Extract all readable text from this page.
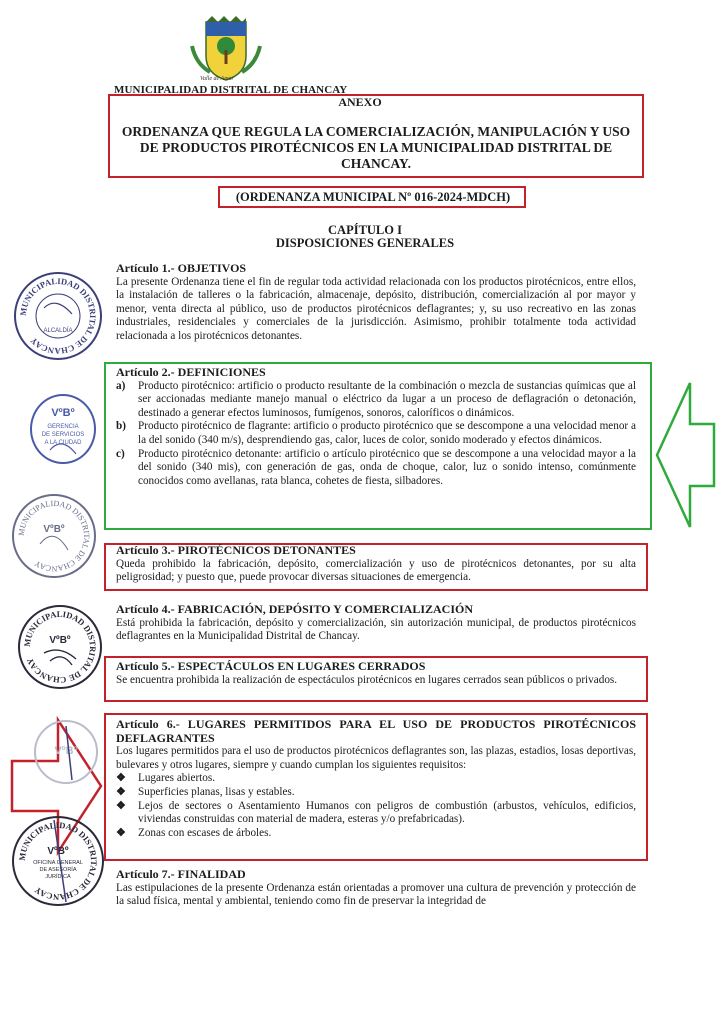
Valle de Amor
MUNICIPALIDAD DISTRITAL DE CHANCAY
ANEXO
ORDENANZA QUE REGULA LA COMERCIALIZACIÓN, MANIPULACIÓN Y USO
DE PRODUCTOS PIROTÉCNICOS EN LA MUNICIPALIDAD DISTRITAL DE
CHANCAY.
(ORDENANZA MUNICIPAL Nº 016-2024-MDCH)
CAPÍTULO I
DISPOSICIONES GENERALES
Artículo 1.- OBJETIVOS

La presente Ordenanza tiene el fin de regular toda actividad relacionada con los productos pirotécnicos, entre ellos, la instalación de talleres o la fabricación, almacenaje, depósito, distribución, comercialización al por mayor y menor, venta directa al público, uso de productos pirotécnicos deflagrantes; y, su uso recreativo en las zonas industriales, residenciales y comerciales de la jurisdicción. Asimismo, prohibir totalmente toda actividad relacionada a los pirotécnicos detonantes.

Artículo 2.- DEFINICIONES
a)	Producto pirotécnico: artificio o producto resultante de la combinación o mezcla de sustancias químicas que al ser accionadas mediante manejo manual o eléctrico da lugar a un proceso de deflagración o detonación, destinado a generar efectos luminosos, fumígenos, sonoros, caloríficos o dinámicos.
b)	Producto pirotécnico de flagrante: artificio o producto pirotécnico que se descompone a una velocidad menor a la del sonido (340 m/s), desprendiendo gas, calor, luces de color, sonido moderado y efectos dinámicos.
c)	Producto pirotécnico detonante: artificio o artículo pirotécnico que se descompone a una velocidad mayor a la del sonido (340 mis), con generación de gas, onda de choque, calor, luz o sonido intenso, comúnmente conocidos como avellanas, rata blanca, cohetes de fiesta, silbadores.
Artículo 3.- PIROTÉCNICOS DETONANTES

Queda prohibido la fabricación, depósito, comercialización y uso de pirotécnicos detonantes, por su alta peligrosidad; y puesto que, puede provocar diversas situaciones de emergencia.

Artículo 4.- FABRICACIÓN, DEPÓSITO Y COMERCIALIZACIÓN

Está prohibida la fabricación, depósito y comercialización, sin autorización municipal, de productos pirotécnicos deflagrantes en la Municipalidad Distrital de Chancay.

Artículo 5.- ESPECTÁCULOS EN LUGARES CERRADOS

Se encuentra prohibida la realización de espectáculos pirotécnicos en lugares cerrados sean públicos o privados.

Artículo 6.- LUGARES PERMITIDOS PARA EL USO DE PRODUCTOS PIROTÉCNICOS DEFLAGRANTES

Los lugares permitidos para el uso de productos pirotécnicos deflagrantes son, las plazas, estadios, losas deportivas, bulevares y otros lugares, siempre y cuando cumplan los siguientes requisitos:

❖	Lugares abiertos.
❖	Superficies planas, lisas y estables.
❖	Lejos de sectores o Asentamiento Humanos con peligros de combustión (arbustos, vehículos, edificios, viviendas construidas con material de madera, esteras y/o prefabricadas).
❖	Zonas con escases de árboles.
Artículo 7.- FINALIDAD

Las estipulaciones de la presente Ordenanza están orientadas a promover una cultura de prevención y protección de la salud física, mental y ambiental, teniendo como fin de preservar la integridad de

MUNICIPALIDAD DISTRITAL DE CHANCAY
ALCALDÍA
VºBº
GERENCIA
DE SERVICIOS
A LA CIUDAD
MUNICIPALIDAD DISTRITAL DE CHANCAY
VºBº
MUNICIPALIDAD DISTRITAL DE CHANCAY
VºBº
VºBº
MUNICIPALIDAD DISTRITAL DE CHANCAY
VºBº
OFICINA GENERAL
DE ASESORÍA
JURÍDICA
